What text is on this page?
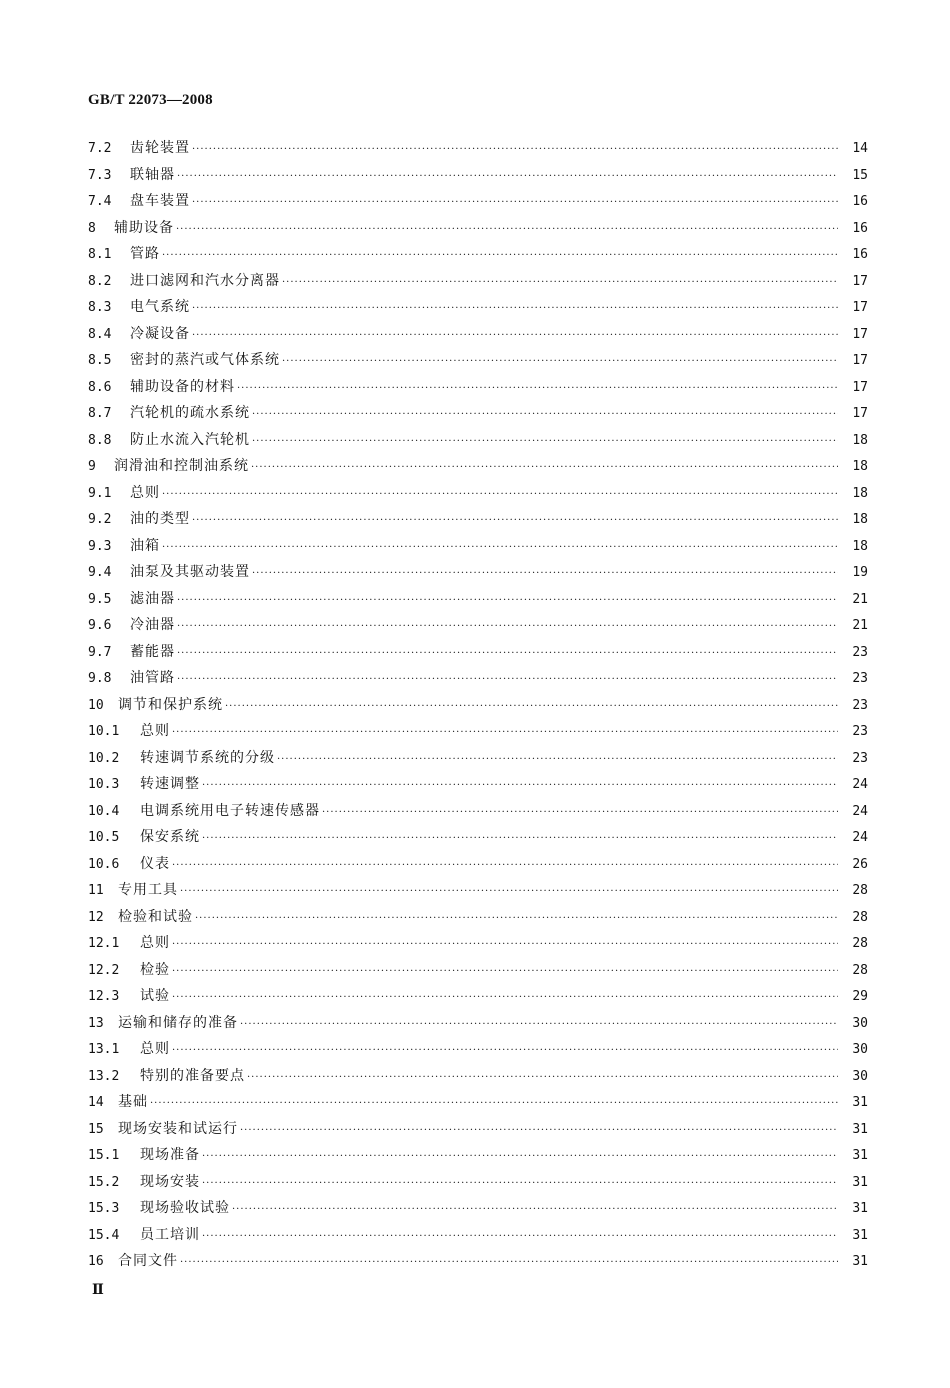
GB/T 22073—2008
7.2	齿轮装置 ·····	14
7.3	联轴器 ·····	15
7.4	盘车装置 ·····	16
8	辅助设备 ·····	16
8.1	管路 ·····	16
8.2	进口滤网和汽水分离器 ·····	17
8.3	电气系统 ·····	17
8.4	冷凝设备 ·····	17
8.5	密封的蒸汽或气体系统 ·····	17
8.6	辅助设备的材料 ·····	17
8.7	汽轮机的疏水系统 ·····	17
8.8	防止水流入汽轮机 ·····	18
9	润滑油和控制油系统 ·····	18
9.1	总则 ·····	18
9.2	油的类型 ·····	18
9.3	油箱 ·····	18
9.4	油泵及其驱动装置 ·····	19
9.5	滤油器 ·····	21
9.6	冷油器 ·····	21
9.7	蓄能器 ·····	23
9.8	油管路 ·····	23
10	调节和保护系统 ·····	23
10.1	总则 ·····	23
10.2	转速调节系统的分级 ·····	23
10.3	转速调整 ·····	24
10.4	电调系统用电子转速传感器 ·····	24
10.5	保安系统 ·····	24
10.6	仪表 ·····	26
11	专用工具 ·····	28
12	检验和试验 ·····	28
12.1	总则 ·····	28
12.2	检验 ·····	28
12.3	试验 ·····	29
13	运输和储存的准备 ·····	30
13.1	总则 ·····	30
13.2	特别的准备要点 ·····	30
14	基础 ·····	31
15	现场安装和试运行 ·····	31
15.1	现场准备 ·····	31
15.2	现场安装 ·····	31
15.3	现场验收试验 ·····	31
15.4	员工培训 ·····	31
16	合同文件 ·····	31
Ⅱ
